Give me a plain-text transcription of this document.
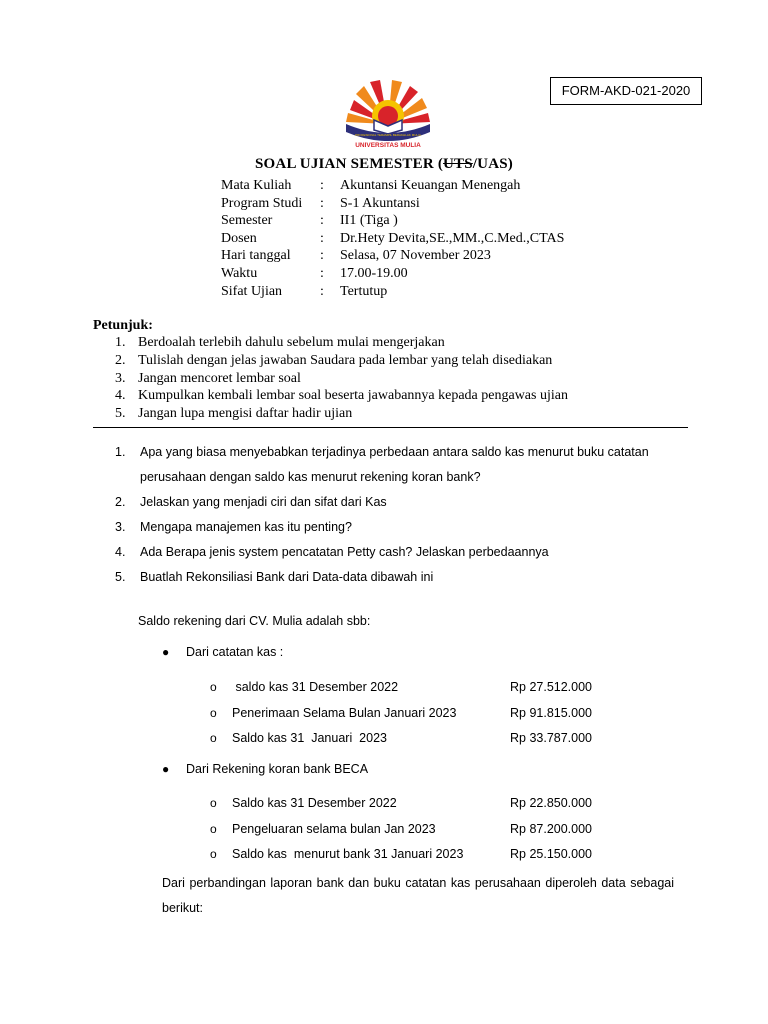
FORM-AKD-021-2020
PROFESIONAL TERAMPIL BERAKHLAK MULIA
UNIVERSITAS MULIA
SOAL UJIAN SEMESTER (UTS/UAS)
Mata Kuliah : Akuntansi Keuangan Menengah
Program Studi : S-1 Akuntansi
Semester	: II1 (Tiga )
Dosen	: Dr.Hety Devita,SE.,MM.,C.Med.,CTAS
Hari tanggal : Selasa, 07 November 2023
Waktu	: 17.00-19.00
Sifat Ujian	: Tertutup
Petunjuk:
1. Berdoalah terlebih dahulu sebelum mulai mengerjakan
2. Tulislah dengan jelas jawaban Saudara pada lembar yang telah disediakan
3. Jangan mencoret lembar soal
4. Kumpulkan kembali lembar soal beserta jawabannya kepada pengawas ujian
5. Jangan lupa mengisi daftar hadir ujian
1. Apa yang biasa menyebabkan terjadinya perbedaan antara saldo kas menurut buku catatan perusahaan dengan saldo kas menurut rekening koran bank?
2. Jelaskan yang menjadi ciri dan sifat dari Kas
3. Mengapa manajemen kas itu penting?
4. Ada Berapa jenis system pencatatan Petty cash? Jelaskan perbedaannya
5. Buatlah Rekonsiliasi Bank dari Data-data dibawah ini
Saldo rekening dari CV. Mulia adalah sbb:
● Dari catatan kas :
o saldo kas 31 Desember 2022	Rp 27.512.000
o Penerimaan Selama Bulan Januari 2023	Rp 91.815.000
o Saldo kas 31  Januari  2023	Rp 33.787.000
● Dari Rekening koran bank BECA
o Saldo kas 31 Desember 2022	Rp 22.850.000
o Pengeluaran selama bulan Jan 2023	Rp 87.200.000
o Saldo kas  menurut bank 31 Januari 2023	Rp 25.150.000
Dari perbandingan laporan bank dan buku catatan kas perusahaan diperoleh data sebagai berikut:
